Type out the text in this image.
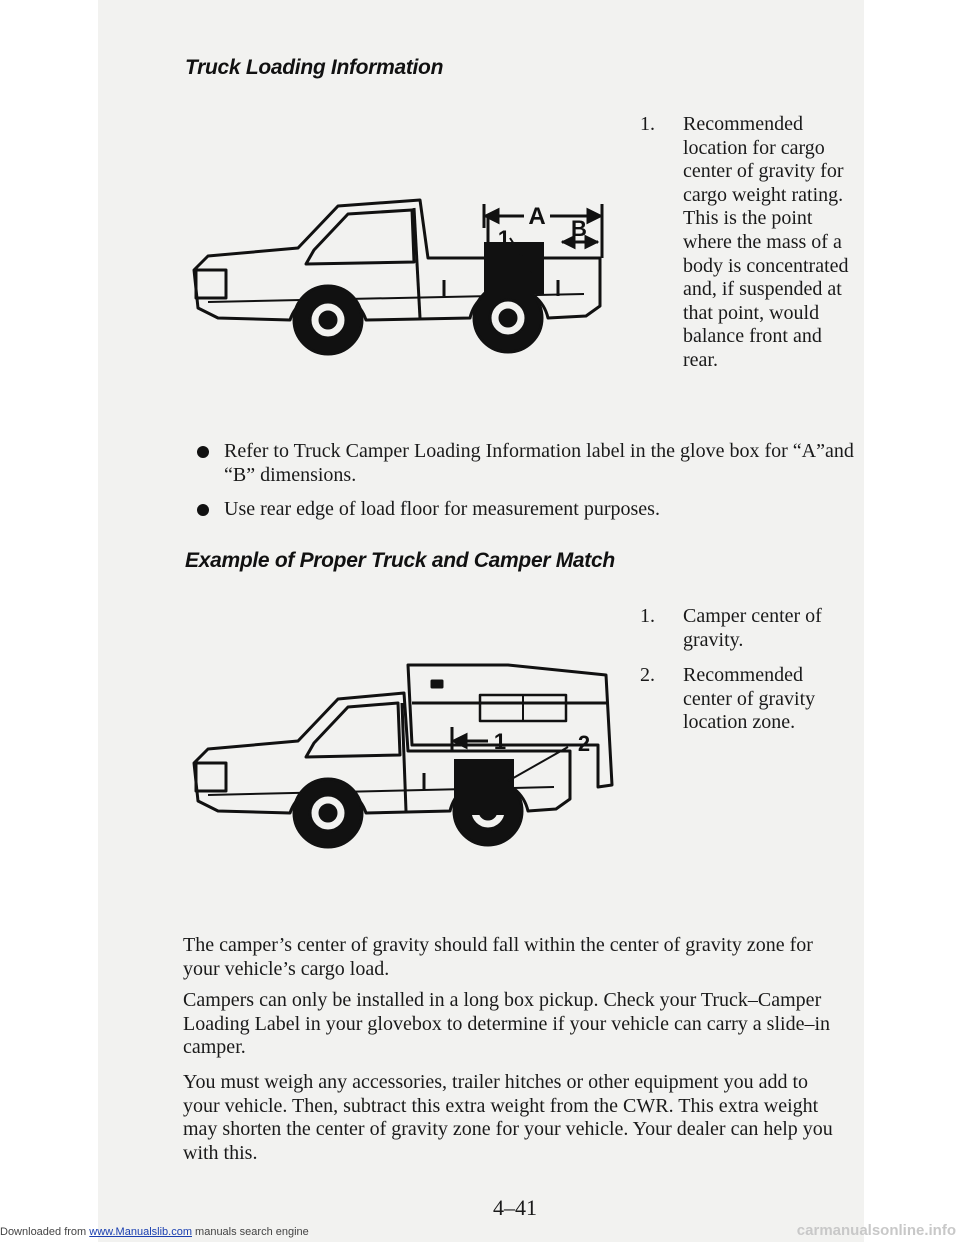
Truck Loading Information
A
1	B
1. Recommended location for cargo center of gravity for cargo weight rating. This is the point where the mass of a body is concentrated and, if suspended at that point, would balance front and rear.
Refer to Truck Camper Loading Information label in the glove box for “A”and “B” dimensions.
Use rear edge of load floor for measurement purposes.
Example of Proper Truck and Camper Match
1	2
1. Camper center of gravity.
2. Recommended center of gravity location zone.

The camper’s center of gravity should fall within the center of gravity zone for your vehicle’s cargo load.

Campers can only be installed in a long box pickup. Check your Truck–Camper Loading Label in your glovebox to determine if your vehicle can carry a slide–in camper.

You must weigh any accessories, trailer hitches or other equipment you add to your vehicle. Then, subtract this extra weight from the CWR. This extra weight may shorten the center of gravity zone for your vehicle. Your dealer can help you with this.

4–41

Downloaded from www.Manualslib.com manuals search engine	carmanualsonline.info
